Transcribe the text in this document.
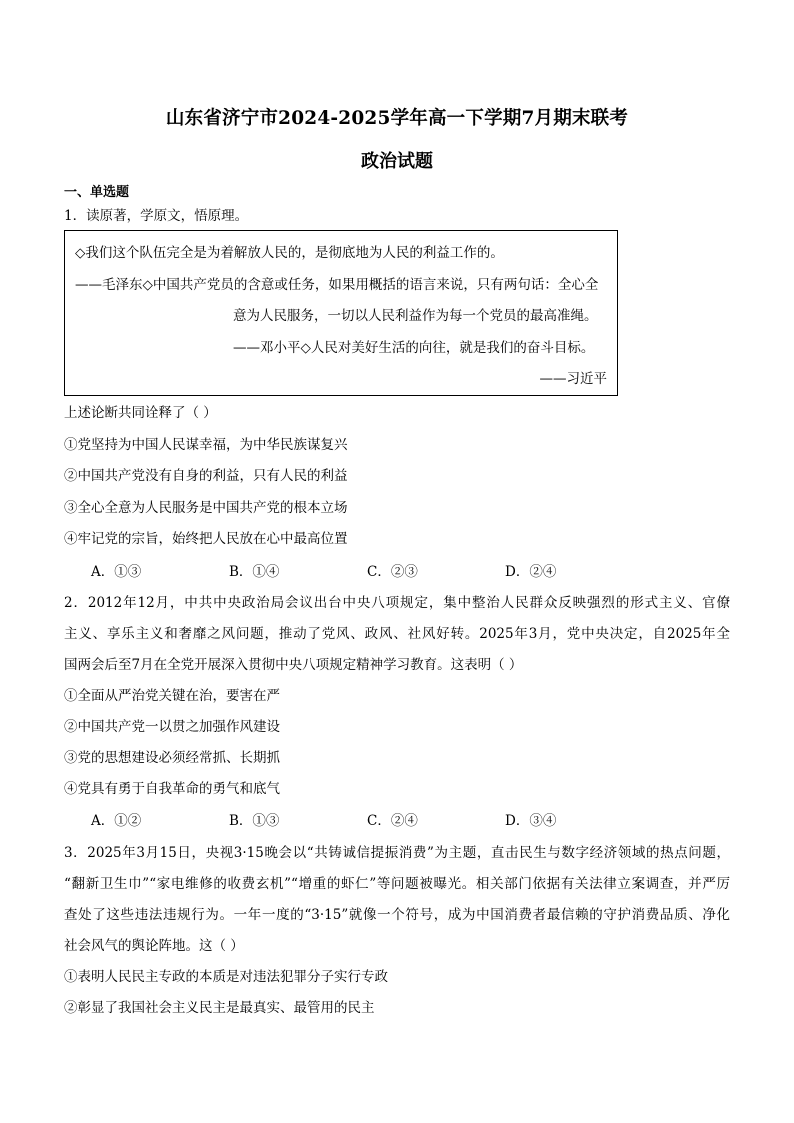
山东省济宁市2024-2025学年高一下学期7月期末联考
政治试题
一、单选题
1．读原著，学原文，悟原理。
◇我们这个队伍完全是为着解放人民的，是彻底地为人民的利益工作的。
——毛泽东◇中国共产党员的含意或任务，如果用概括的语言来说，只有两句话：全心全
意为人民服务，一切以人民利益作为每一个党员的最高准绳。
——邓小平◇人民对美好生活的向往，就是我们的奋斗目标。
——习近平
上述论断共同诠释了（ ）
①党坚持为中国人民谋幸福，为中华民族谋复兴
②中国共产党没有自身的利益，只有人民的利益
③全心全意为人民服务是中国共产党的根本立场
④牢记党的宗旨，始终把人民放在心中最高位置
A．①③	B．①④	C．②③	D．②④
2．2012年12月，中共中央政治局会议出台中央八项规定，集中整治人民群众反映强烈的形式主义、官僚
主义、享乐主义和奢靡之风问题，推动了党风、政风、社风好转。2025年3月，党中央决定，自2025年全
国两会后至7月在全党开展深入贯彻中央八项规定精神学习教育。这表明（ ）
①全面从严治党关键在治，要害在严
②中国共产党一以贯之加强作风建设
③党的思想建设必须经常抓、长期抓
④党具有勇于自我革命的勇气和底气
A．①②	B．①③	C．②④	D．③④
3．2025年3月15日，央视3·15晚会以“共铸诚信提振消费”为主题，直击民生与数字经济领域的热点问题，
“翻新卫生巾”“家电维修的收费玄机”“增重的虾仁”等问题被曝光。相关部门依据有关法律立案调查，并严厉
查处了这些违法违规行为。一年一度的“3·15”就像一个符号，成为中国消费者最信赖的守护消费品质、净化
社会风气的舆论阵地。这（ ）
①表明人民民主专政的本质是对违法犯罪分子实行专政
②彰显了我国社会主义民主是最真实、最管用的民主
